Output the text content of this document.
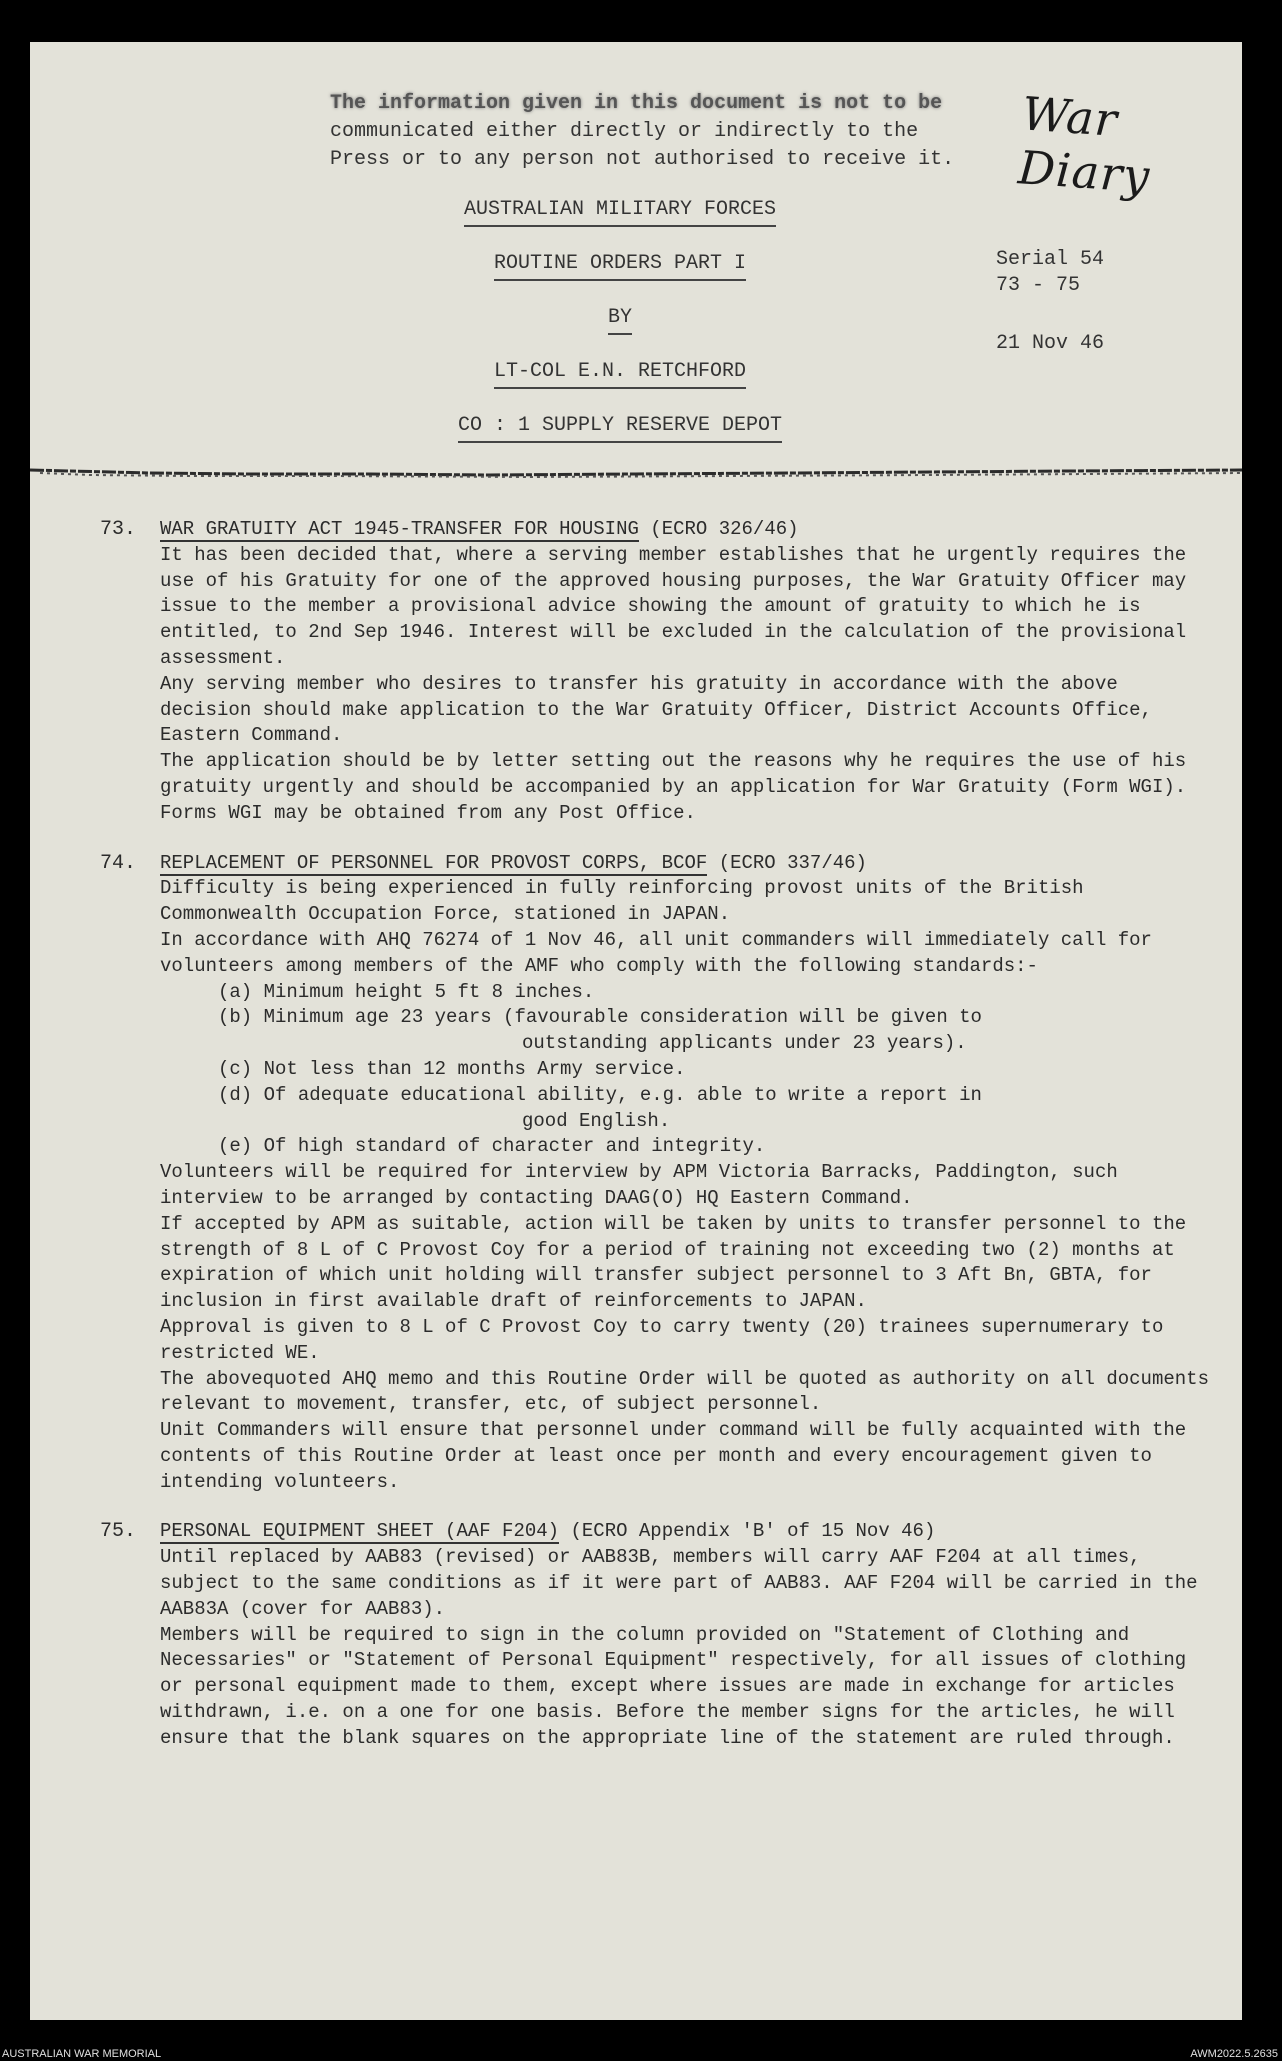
The information given in this document is not to be
communicated either directly or indirectly to the
Press or to any person not authorised to receive it.
War Diary
AUSTRALIAN MILITARY FORCES
ROUTINE ORDERS PART I
BY
LT-COL E.N. RETCHFORD
CO : 1 SUPPLY RESERVE DEPOT
Serial 54
73 - 75
21 Nov 46
73. WAR GRATUITY ACT 1945-TRANSFER FOR HOUSING (ECRO 326/46)
It has been decided that, where a serving member establishes that he urgently requires the use of his Gratuity for one of the approved housing purposes, the War Gratuity Officer may issue to the member a provisional advice showing the amount of gratuity to which he is entitled, to 2nd Sep 1946. Interest will be excluded in the calculation of the provisional assessment.
Any serving member who desires to transfer his gratuity in accordance with the above decision should make application to the War Gratuity Officer, District Accounts Office, Eastern Command.
The application should be by letter setting out the reasons why he requires the use of his gratuity urgently and should be accompanied by an application for War Gratuity (Form WGI).
Forms WGI may be obtained from any Post Office.
74. REPLACEMENT OF PERSONNEL FOR PROVOST CORPS, BCOF (ECRO 337/46)
Difficulty is being experienced in fully reinforcing provost units of the British Commonwealth Occupation Force, stationed in JAPAN.
In accordance with AHQ 76274 of 1 Nov 46, all unit commanders will immediately call for volunteers among members of the AMF who comply with the following standards:-
(a) Minimum height 5 ft 8 inches.
(b) Minimum age 23 years (favourable consideration will be given to
outstanding applicants under 23 years).
(c) Not less than 12 months Army service.
(d) Of adequate educational ability, e.g. able to write a report in
good English.
(e) Of high standard of character and integrity.
Volunteers will be required for interview by APM Victoria Barracks, Paddington, such interview to be arranged by contacting DAAG(O) HQ Eastern Command.
If accepted by APM as suitable, action will be taken by units to transfer personnel to the strength of 8 L of C Provost Coy for a period of training not exceeding two (2) months at expiration of which unit holding will transfer subject personnel to 3 Aft Bn, GBTA, for inclusion in first available draft of reinforcements to JAPAN.
Approval is given to 8 L of C Provost Coy to carry twenty (20) trainees supernumerary to restricted WE.
The abovequoted AHQ memo and this Routine Order will be quoted as authority on all documents relevant to movement, transfer, etc, of subject personnel.
Unit Commanders will ensure that personnel under command will be fully acquainted with the contents of this Routine Order at least once per month and every encouragement given to intending volunteers.
75. PERSONAL EQUIPMENT SHEET (AAF F204) (ECRO Appendix 'B' of 15 Nov 46)
Until replaced by AAB83 (revised) or AAB83B, members will carry AAF F204 at all times, subject to the same conditions as if it were part of AAB83. AAF F204 will be carried in the AAB83A (cover for AAB83).
Members will be required to sign in the column provided on "Statement of Clothing and Necessaries" or "Statement of Personal Equipment" respectively, for all issues of clothing or personal equipment made to them, except where issues are made in exchange for articles withdrawn, i.e. on a one for one basis. Before the member signs for the articles, he will ensure that the blank squares on the appropriate line of the statement are ruled through.
AUSTRALIAN WAR MEMORIAL	AWM2022.5.2635
